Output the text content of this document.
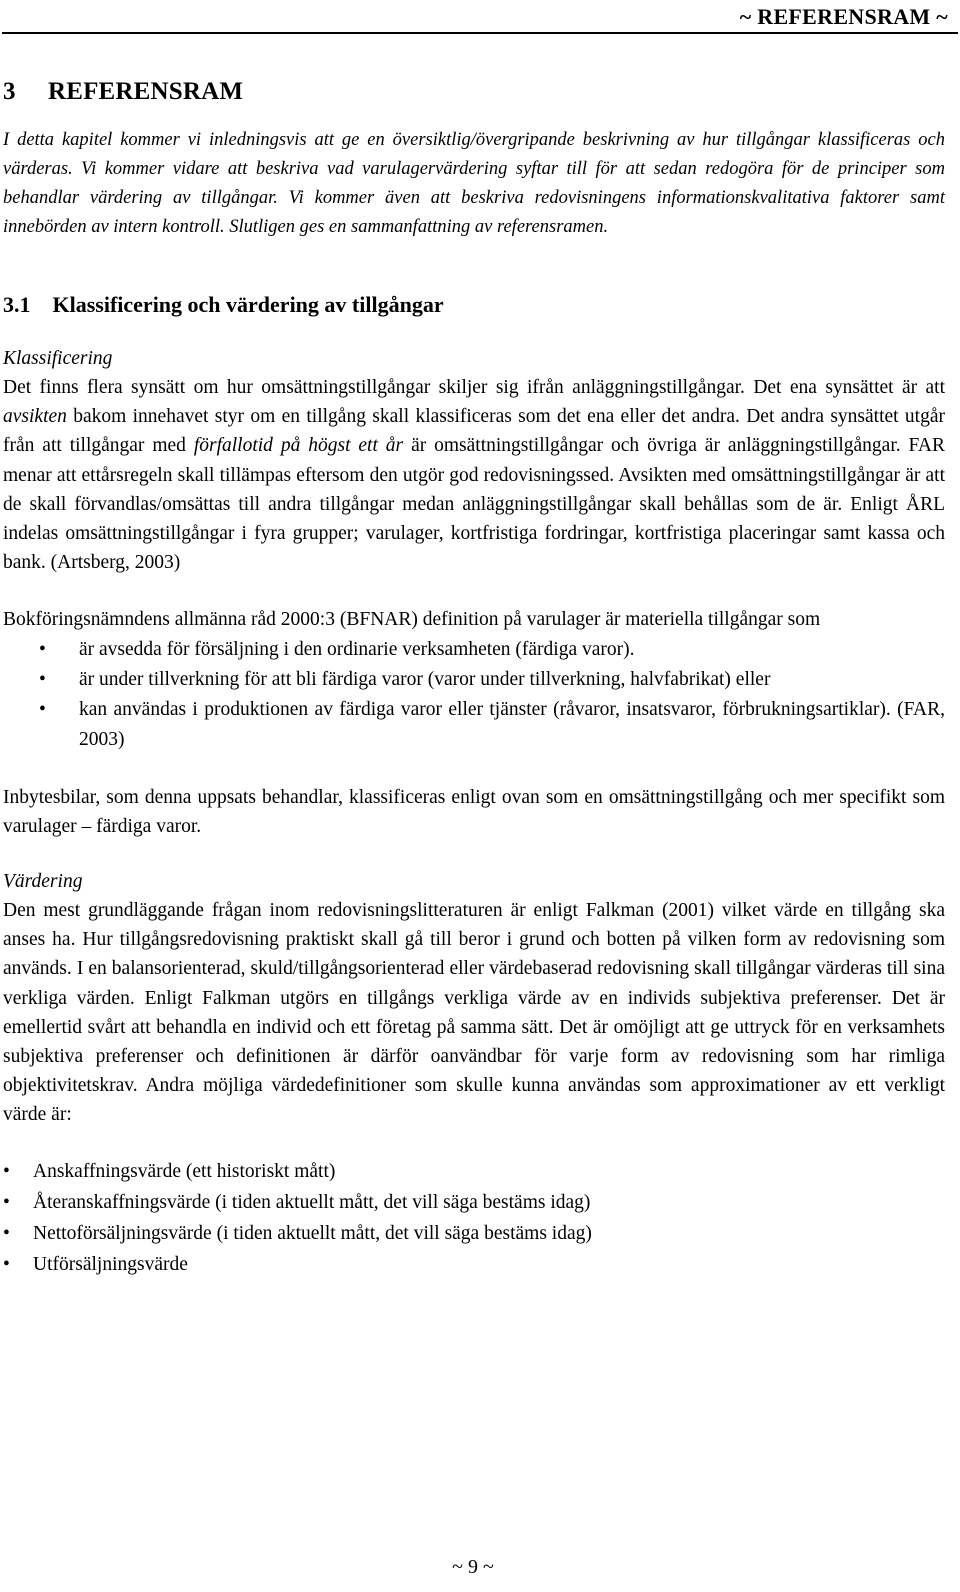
~ REFERENSRAM ~
3     REFERENSRAM

I detta kapitel kommer vi inledningsvis att ge en översiktlig/övergripande beskrivning av hur tillgångar klassificeras och värderas. Vi kommer vidare att beskriva vad varulagervärdering syftar till för att sedan redogöra för de principer som behandlar värdering av tillgångar. Vi kommer även att beskriva redovisningens informationskvalitativa faktorer samt innebörden av intern kontroll. Slutligen ges en sammanfattning av referensramen.

3.1    Klassificering och värdering av tillgångar
Klassificering

Det finns flera synsätt om hur omsättningstillgångar skiljer sig ifrån anläggningstillgångar. Det ena synsättet är att avsikten bakom innehavet styr om en tillgång skall klassificeras som det ena eller det andra. Det andra synsättet utgår från att tillgångar med förfallotid på högst ett år är omsättningstillgångar och övriga är anläggningstillgångar. FAR menar att ettårsregeln skall tillämpas eftersom den utgör god redovisningssed. Avsikten med omsättningstillgångar är att de skall förvandlas/omsättas till andra tillgångar medan anläggningstillgångar skall behållas som de är. Enligt ÅRL indelas omsättningstillgångar i fyra grupper; varulager, kortfristiga fordringar, kortfristiga placeringar samt kassa och bank. (Artsberg, 2003)

Bokföringsnämndens allmänna råd 2000:3 (BFNAR) definition på varulager är materiella tillgångar som

• är avsedda för försäljning i den ordinarie verksamheten (färdiga varor).
• är under tillverkning för att bli färdiga varor (varor under tillverkning, halvfabrikat) eller
• kan användas i produktionen av färdiga varor eller tjänster (råvaror, insatsvaror, förbrukningsartiklar). (FAR, 2003)

Inbytesbilar, som denna uppsats behandlar, klassificeras enligt ovan som en omsättningstillgång och mer specifikt som varulager – färdiga varor.

Värdering

Den mest grundläggande frågan inom redovisningslitteraturen är enligt Falkman (2001) vilket värde en tillgång ska anses ha. Hur tillgångsredovisning praktiskt skall gå till beror i grund och botten på vilken form av redovisning som används. I en balansorienterad, skuld/tillgångsorienterad eller värdebaserad redovisning skall tillgångar värderas till sina verkliga värden. Enligt Falkman utgörs en tillgångs verkliga värde av en individs subjektiva preferenser. Det är emellertid svårt att behandla en individ och ett företag på samma sätt. Det är omöjligt att ge uttryck för en verksamhets subjektiva preferenser och definitionen är därför oanvändbar för varje form av redovisning som har rimliga objektivitetskrav. Andra möjliga värdedefinitioner som skulle kunna användas som approximationer av ett verkligt värde är:

• Anskaffningsvärde (ett historiskt mått)
• Återanskaffningsvärde (i tiden aktuellt mått, det vill säga bestäms idag)
• Nettoförsäljningsvärde (i tiden aktuellt mått, det vill säga bestäms idag)
• Utförsäljningsvärde
~ 9 ~
